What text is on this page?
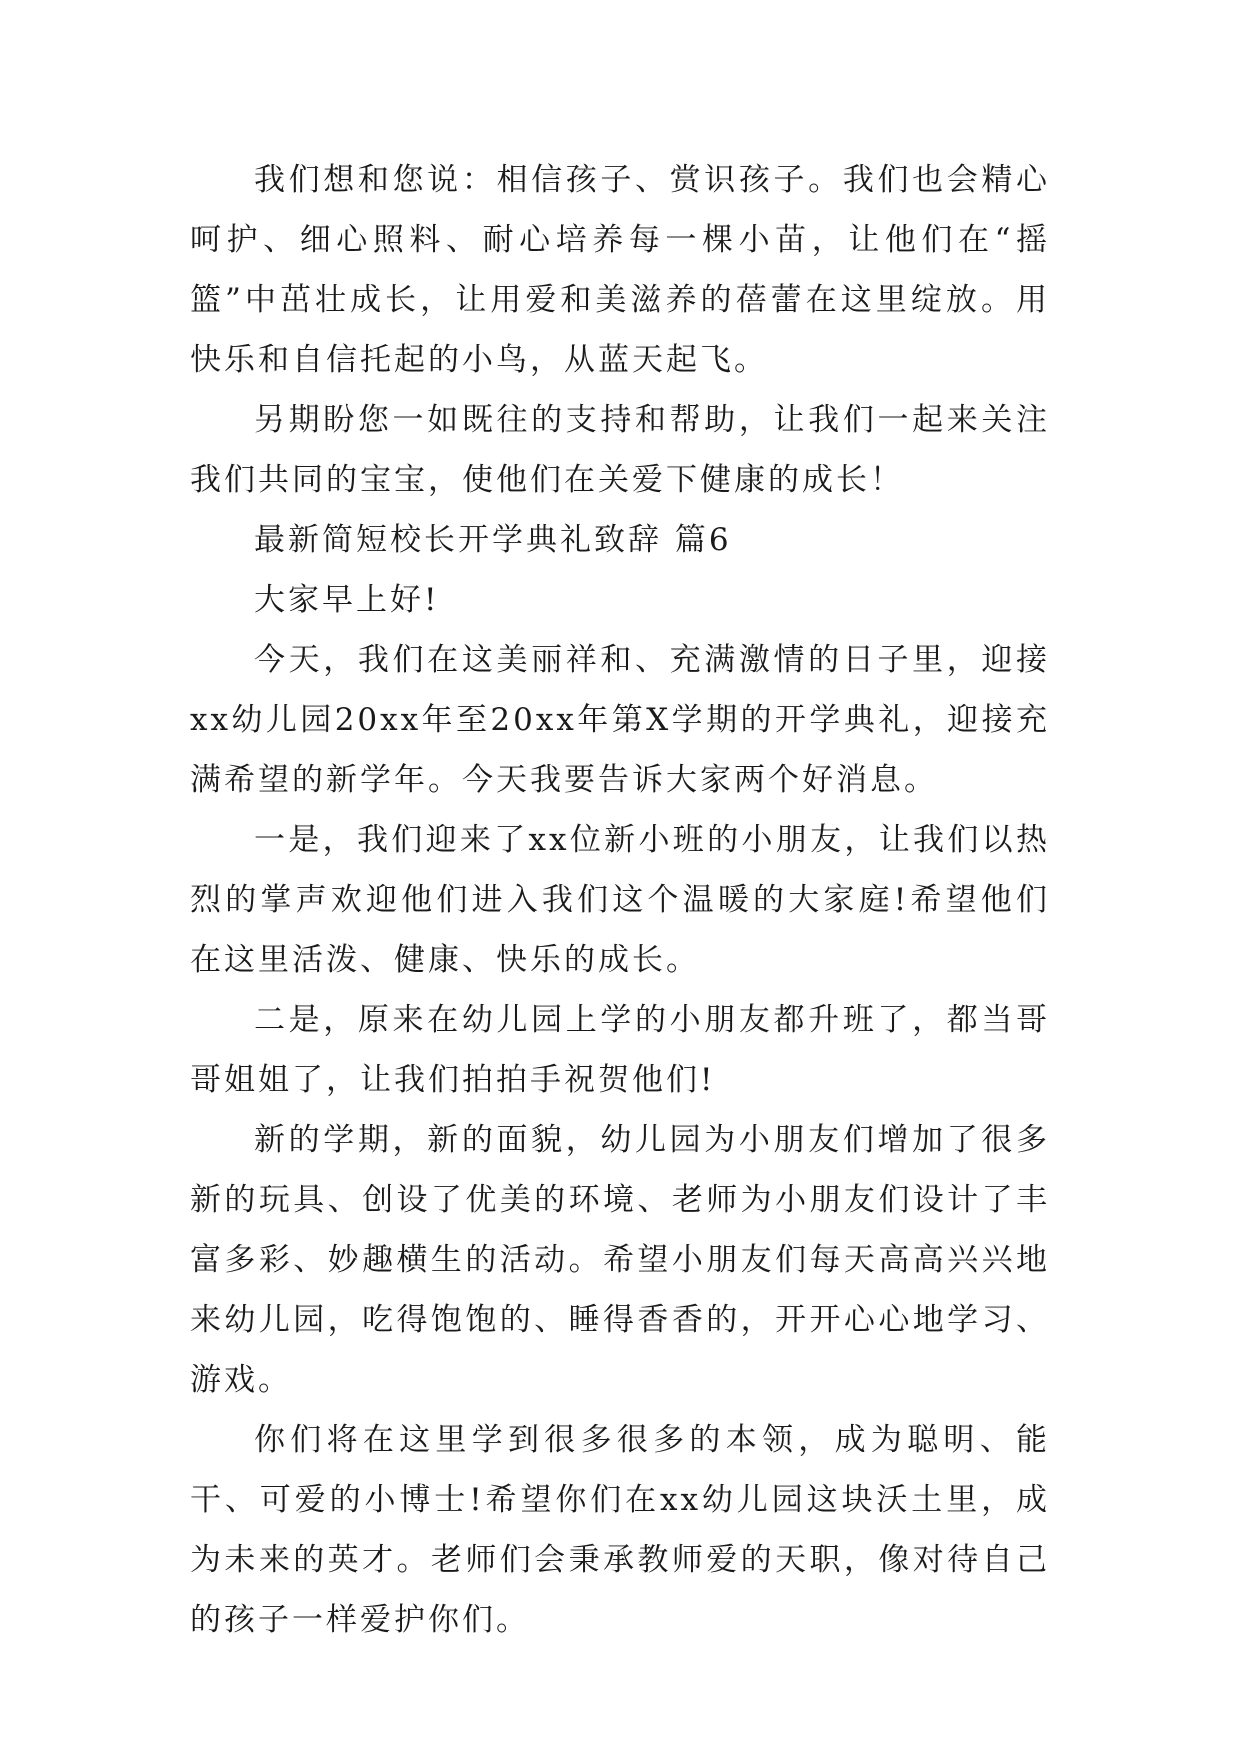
我们想和您说：相信孩子、赏识孩子。我们也会精心呵护、细心照料、耐心培养每一棵小苗，让他们在“摇篮”中茁壮成长，让用爱和美滋养的蓓蕾在这里绽放。用快乐和自信托起的小鸟，从蓝天起飞。

另期盼您一如既往的支持和帮助，让我们一起来关注我们共同的宝宝，使他们在关爱下健康的成长！

最新简短校长开学典礼致辞 篇6

大家早上好!

今天，我们在这美丽祥和、充满激情的日子里，迎接xx幼儿园20xx年至20xx年第X学期的开学典礼，迎接充满希望的新学年。今天我要告诉大家两个好消息。

一是，我们迎来了xx位新小班的小朋友，让我们以热烈的掌声欢迎他们进入我们这个温暖的大家庭!希望他们在这里活泼、健康、快乐的成长。

二是，原来在幼儿园上学的小朋友都升班了，都当哥哥姐姐了，让我们拍拍手祝贺他们!

新的学期，新的面貌，幼儿园为小朋友们增加了很多新的玩具、创设了优美的环境、老师为小朋友们设计了丰富多彩、妙趣横生的活动。希望小朋友们每天高高兴兴地来幼儿园，吃得饱饱的、睡得香香的，开开心心地学习、游戏。

你们将在这里学到很多很多的本领，成为聪明、能干、可爱的小博士!希望你们在xx幼儿园这块沃土里，成为未来的英才。老师们会秉承教师爱的天职，像对待自己的孩子一样爱护你们。
